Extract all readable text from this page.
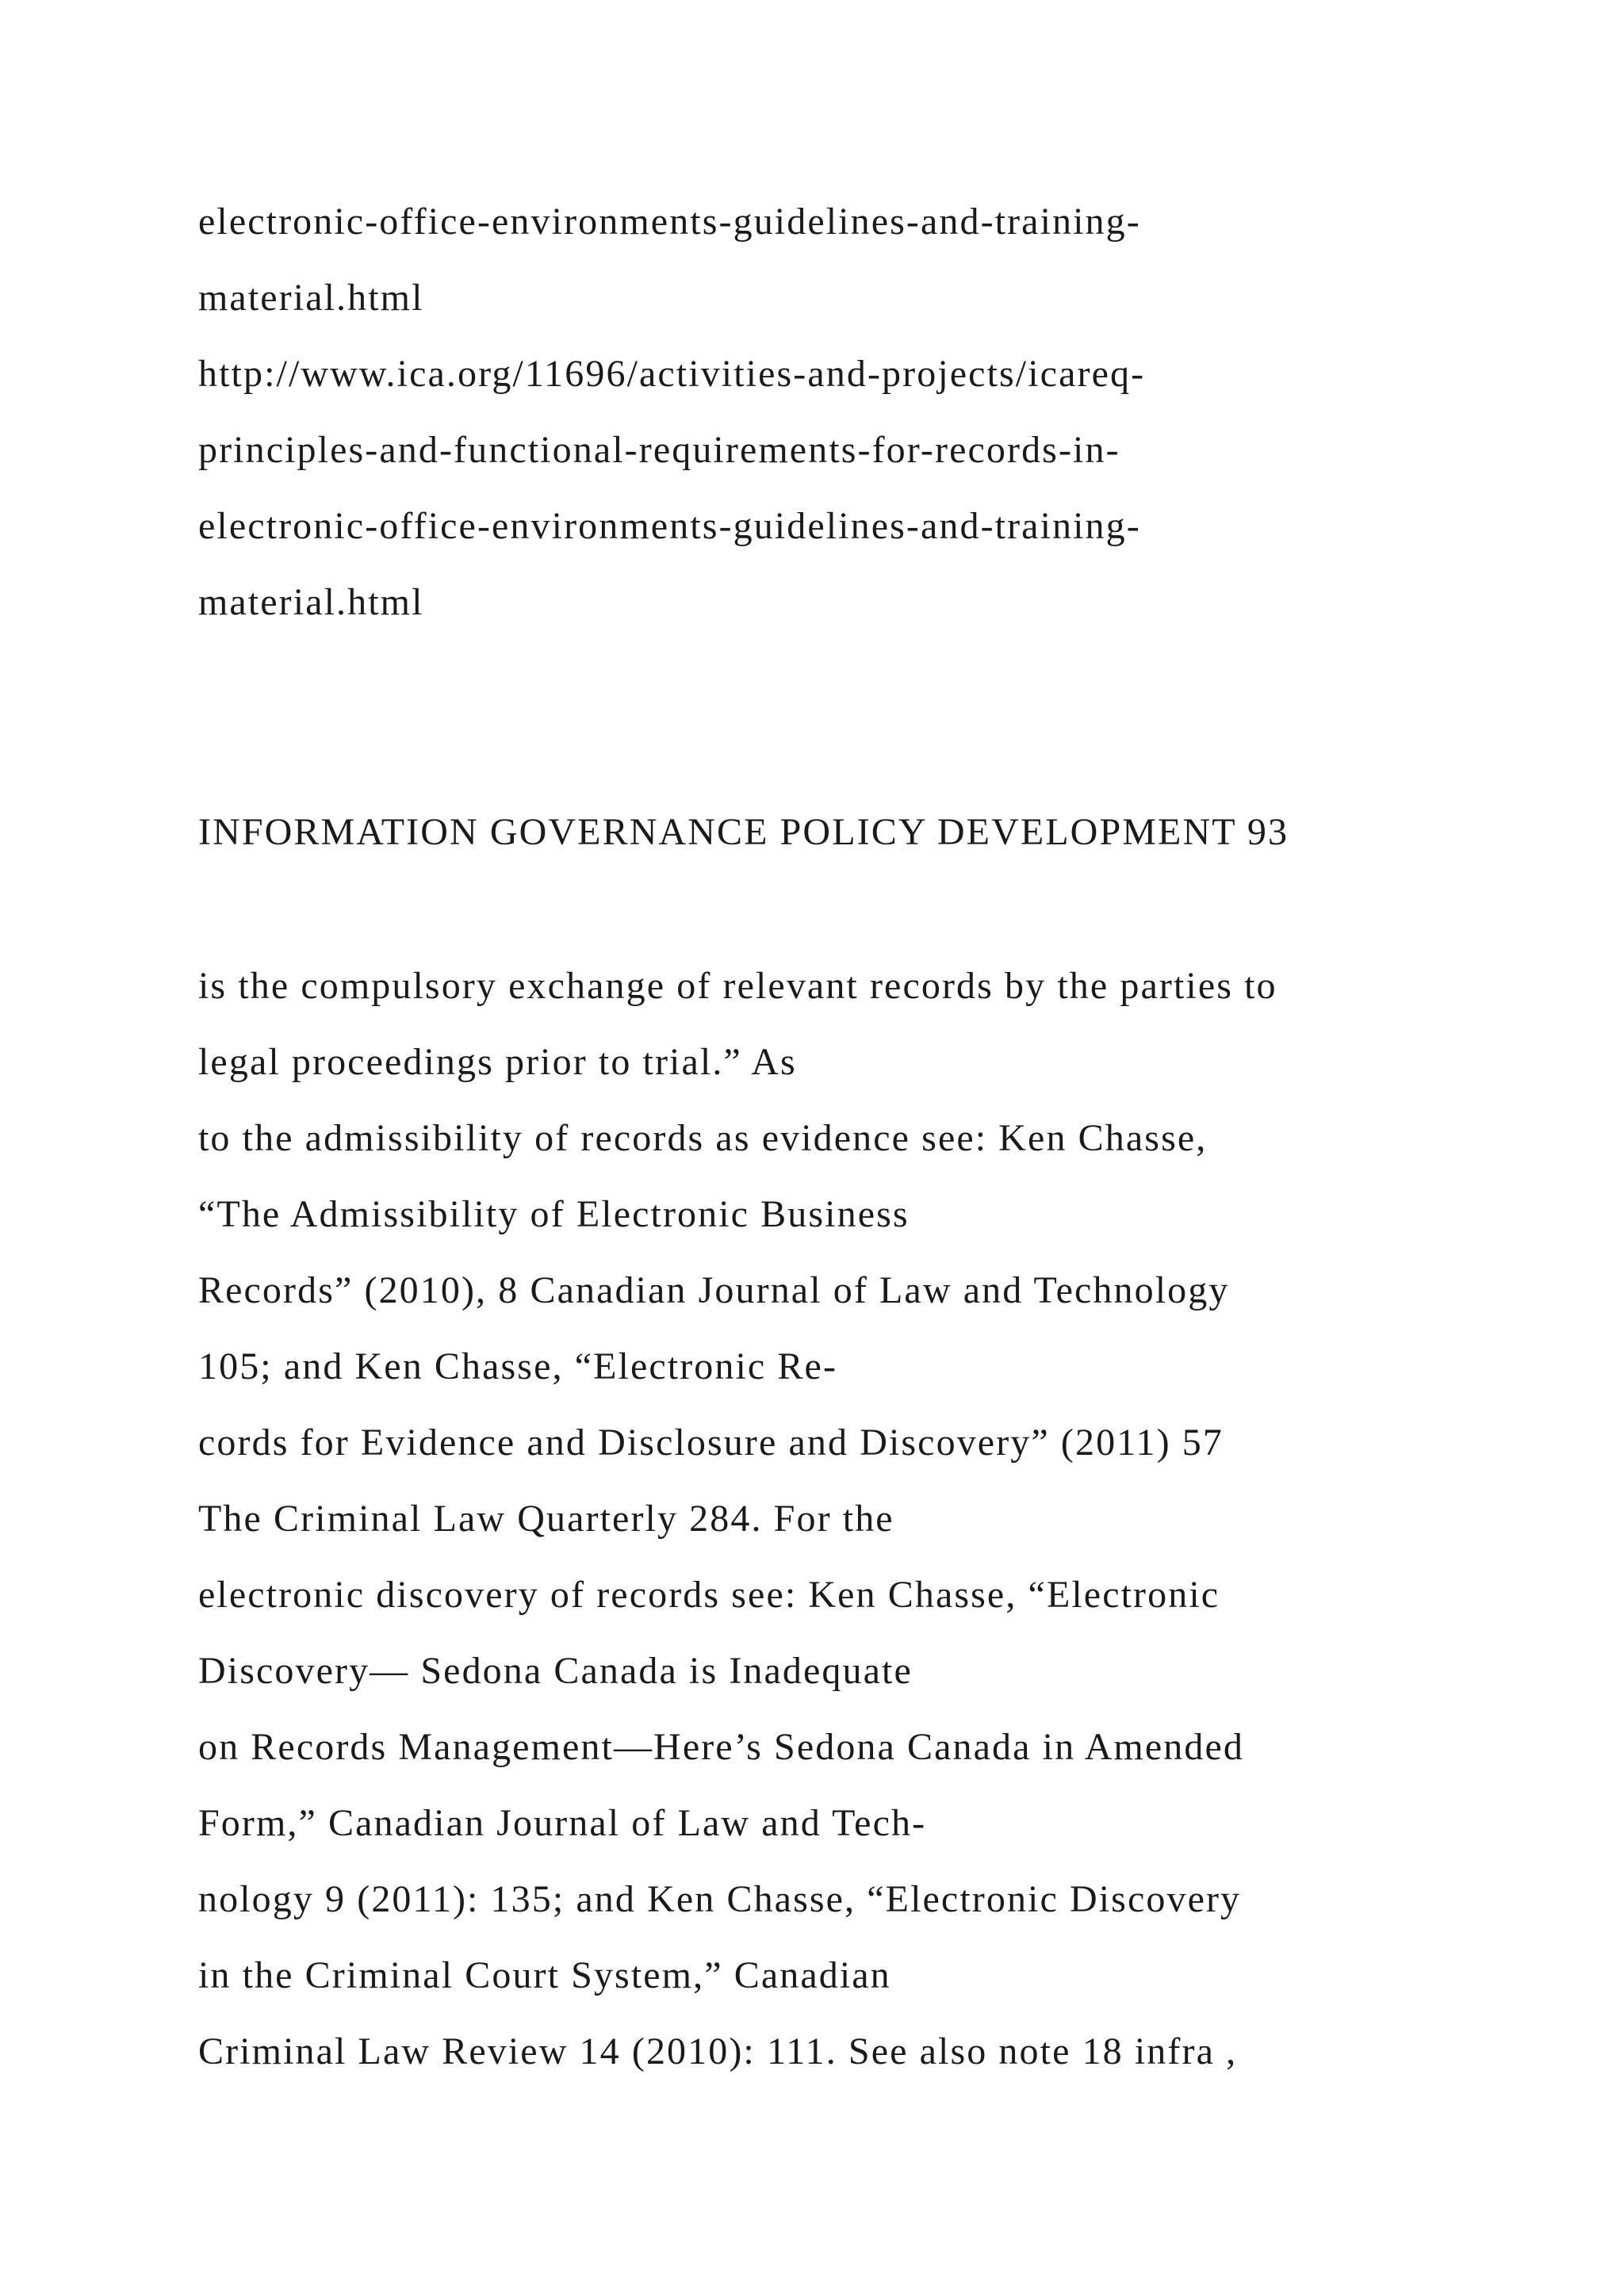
electronic-office-environments-guidelines-and-training-

material.html

http://www.ica.org/11696/activities-and-projects/icareq-

principles-and-functional-requirements-for-records-in-

electronic-office-environments-guidelines-and-training-

material.html

INFORMATION GOVERNANCE POLICY DEVELOPMENT 93

is the compulsory exchange of relevant records by the parties to

legal proceedings prior to trial.” As

to the admissibility of records as evidence see: Ken Chasse,

“The Admissibility of Electronic Business

Records” (2010), 8 Canadian Journal of Law and Technology

105; and Ken Chasse, “Electronic Re-

cords for Evidence and Disclosure and Discovery” (2011) 57

The Criminal Law Quarterly 284. For the

electronic discovery of records see: Ken Chasse, “Electronic

Discovery— Sedona Canada is Inadequate

on Records Management—Here’s Sedona Canada in Amended

Form,” Canadian Journal of Law and Tech-

nology 9 (2011): 135; and Ken Chasse, “Electronic Discovery

in the Criminal Court System,” Canadian

Criminal Law Review 14 (2010): 111. See also note 18 infra ,
